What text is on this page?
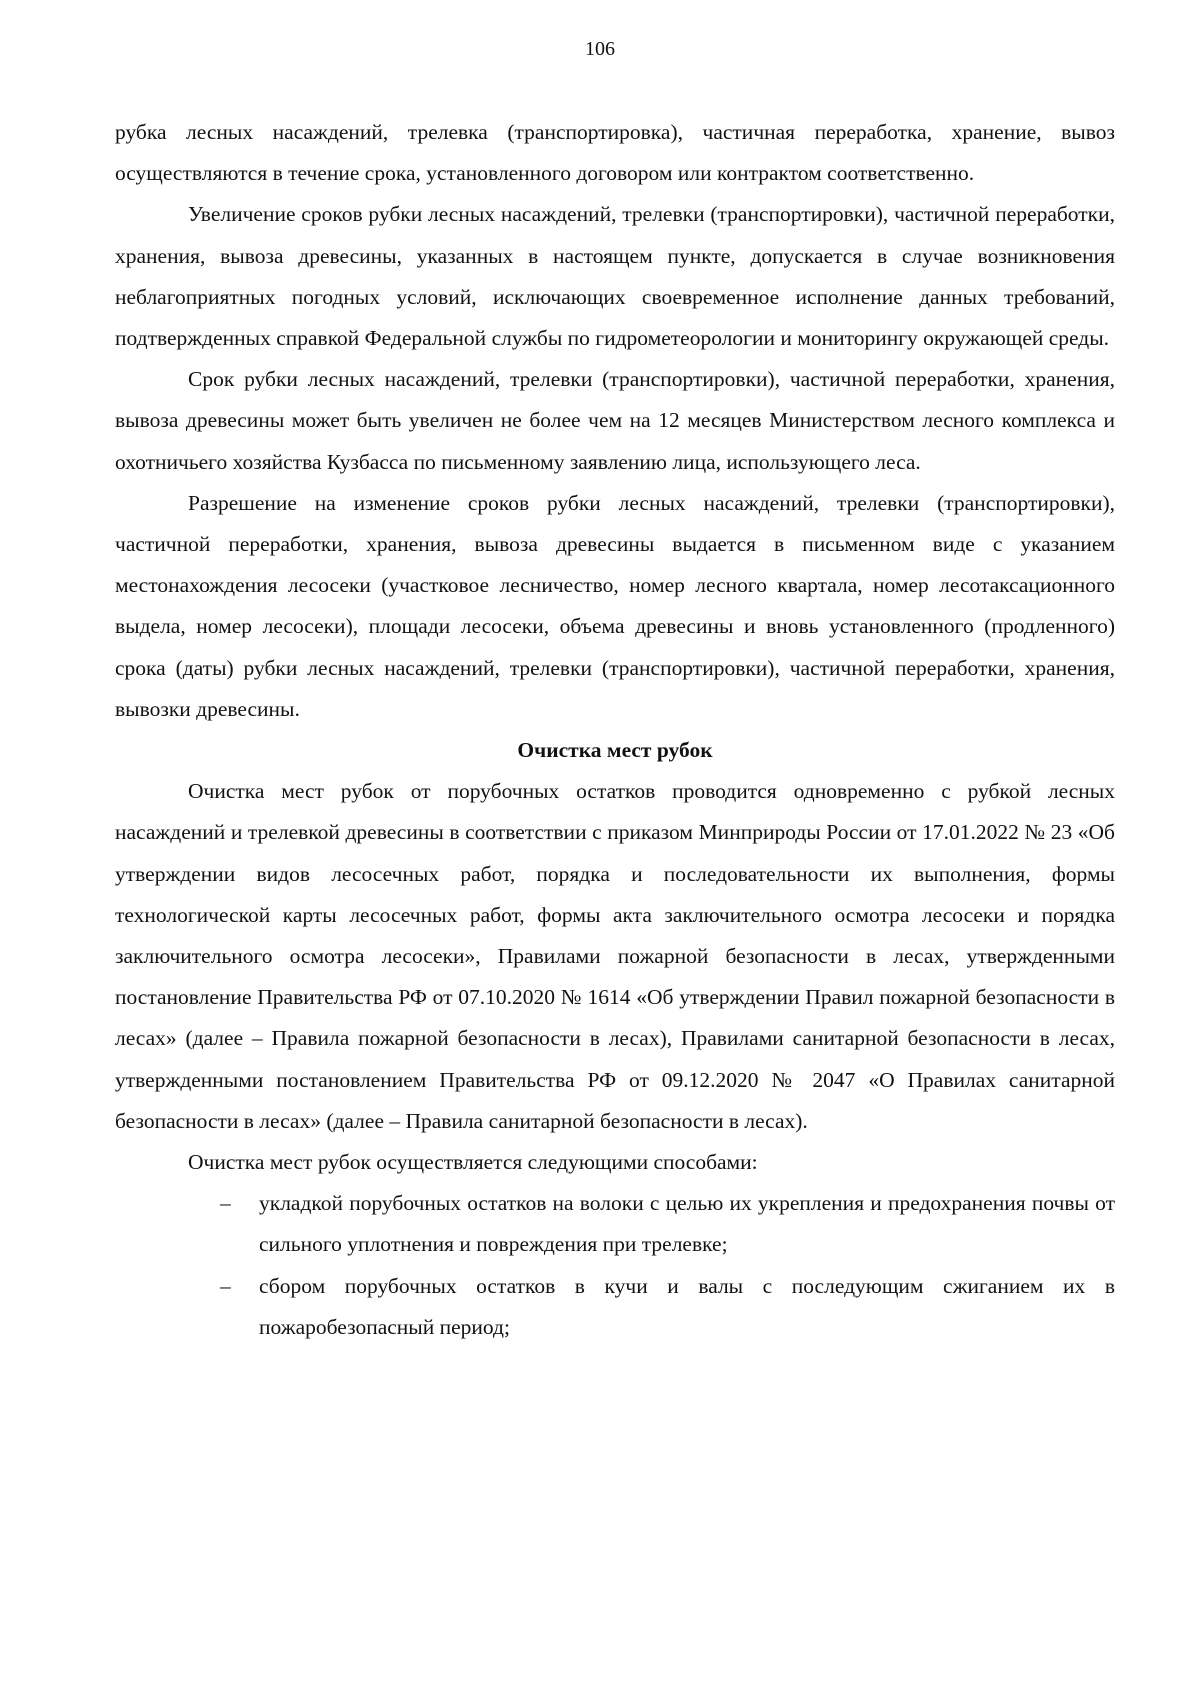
106

рубка лесных насаждений, трелевка (транспортировка), частичная переработка, хранение, вывоз осуществляются в течение срока, установленного договором или контрактом соответственно.

Увеличение сроков рубки лесных насаждений, трелевки (транспортировки), частичной переработки, хранения, вывоза древесины, указанных в настоящем пункте, допускается в случае возникновения неблагоприятных погодных условий, исключающих своевременное исполнение данных требований, подтвержденных справкой Федеральной службы по гидрометеорологии и мониторингу окружающей среды.

Срок рубки лесных насаждений, трелевки (транспортировки), частичной переработки, хранения, вывоза древесины может быть увеличен не более чем на 12 месяцев Министерством лесного комплекса и охотничьего хозяйства Кузбасса по письменному заявлению лица, использующего леса.

Разрешение на изменение сроков рубки лесных насаждений, трелевки (транспортировки), частичной переработки, хранения, вывоза древесины выдается в письменном виде с указанием местонахождения лесосеки (участковое лесничество, номер лесного квартала, номер лесотаксационного выдела, номер лесосеки), площади лесосеки, объема древесины и вновь установленного (продленного) срока (даты) рубки лесных насаждений, трелевки (транспортировки), частичной переработки, хранения, вывозки древесины.

Очистка мест рубок

Очистка мест рубок от порубочных остатков проводится одновременно с рубкой лесных насаждений и трелевкой древесины в соответствии с приказом Минприроды России от 17.01.2022 № 23 «Об утверждении видов лесосечных работ, порядка и последовательности их выполнения, формы технологической карты лесосечных работ, формы акта заключительного осмотра лесосеки и порядка заключительного осмотра лесосеки», Правилами пожарной безопасности в лесах, утвержденными постановление Правительства РФ от 07.10.2020 № 1614 «Об утверждении Правил пожарной безопасности в лесах» (далее – Правила пожарной безопасности в лесах), Правилами санитарной безопасности в лесах, утвержденными постановлением Правительства РФ от 09.12.2020 № 2047 «О Правилах санитарной безопасности в лесах» (далее – Правила санитарной безопасности в лесах).

Очистка мест рубок осуществляется следующими способами:

– укладкой порубочных остатков на волоки с целью их укрепления и предохранения почвы от сильного уплотнения и повреждения при трелевке;
– сбором порубочных остатков в кучи и валы с последующим сжиганием их в пожаробезопасный период;
